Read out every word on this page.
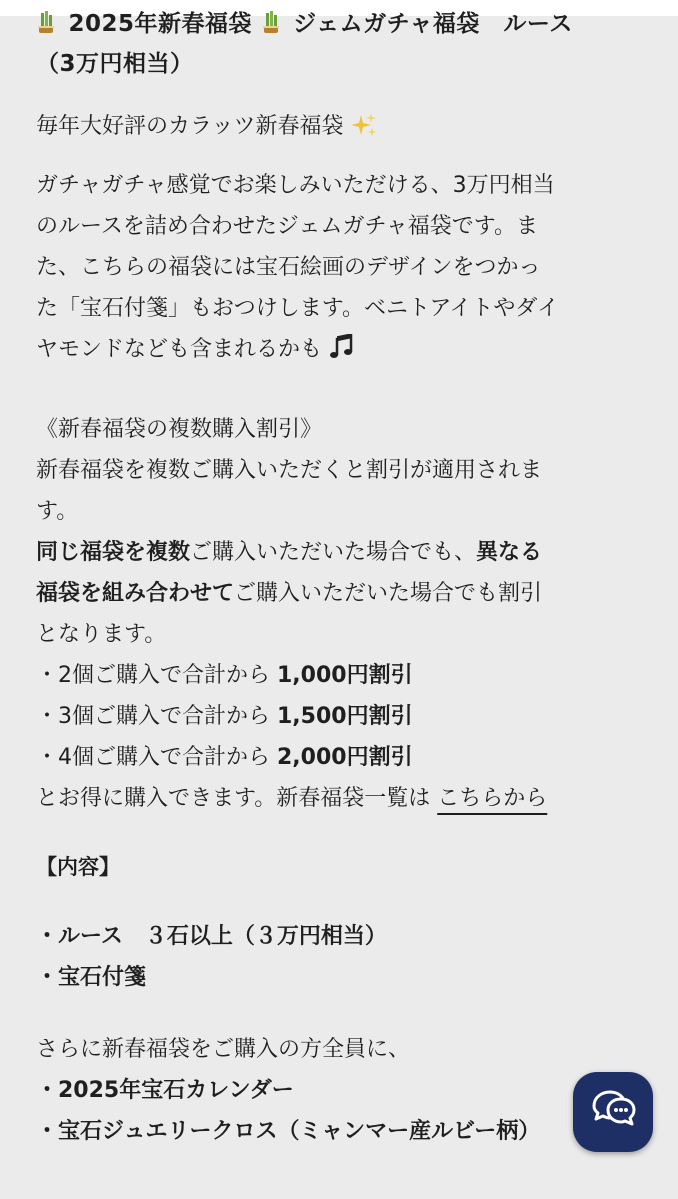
2025年新春福袋 ジェムガチャ福袋　ルース
（3万円相当）

毎年大好評のカラッツ新春福袋

ガチャガチャ感覚でお楽しみいただける、3万円相当

のルースを詰め合わせたジェムガチャ福袋です。ま

た、こちらの福袋には宝石絵画のデザインをつかっ

た「宝石付箋」もおつけします。ベニトアイトやダイ

ヤモンドなども含まれるかも

《新春福袋の複数購入割引》

新春福袋を複数ご購入いただくと割引が適用されま

す。

同じ福袋を複数ご購入いただいた場合でも、異なる

福袋を組み合わせてご購入いただいた場合でも割引

となります。

・2個ご購入で合計から 1,000円割引

・3個ご購入で合計から 1,500円割引

・4個ご購入で合計から 2,000円割引

とお得に購入できます。新春福袋一覧は こちらから

【内容】

・ルース　３石以上（３万円相当）

・宝石付箋

さらに新春福袋をご購入の方全員に、

・2025年宝石カレンダー

・宝石ジュエリークロス（ミャンマー産ルビー柄）
